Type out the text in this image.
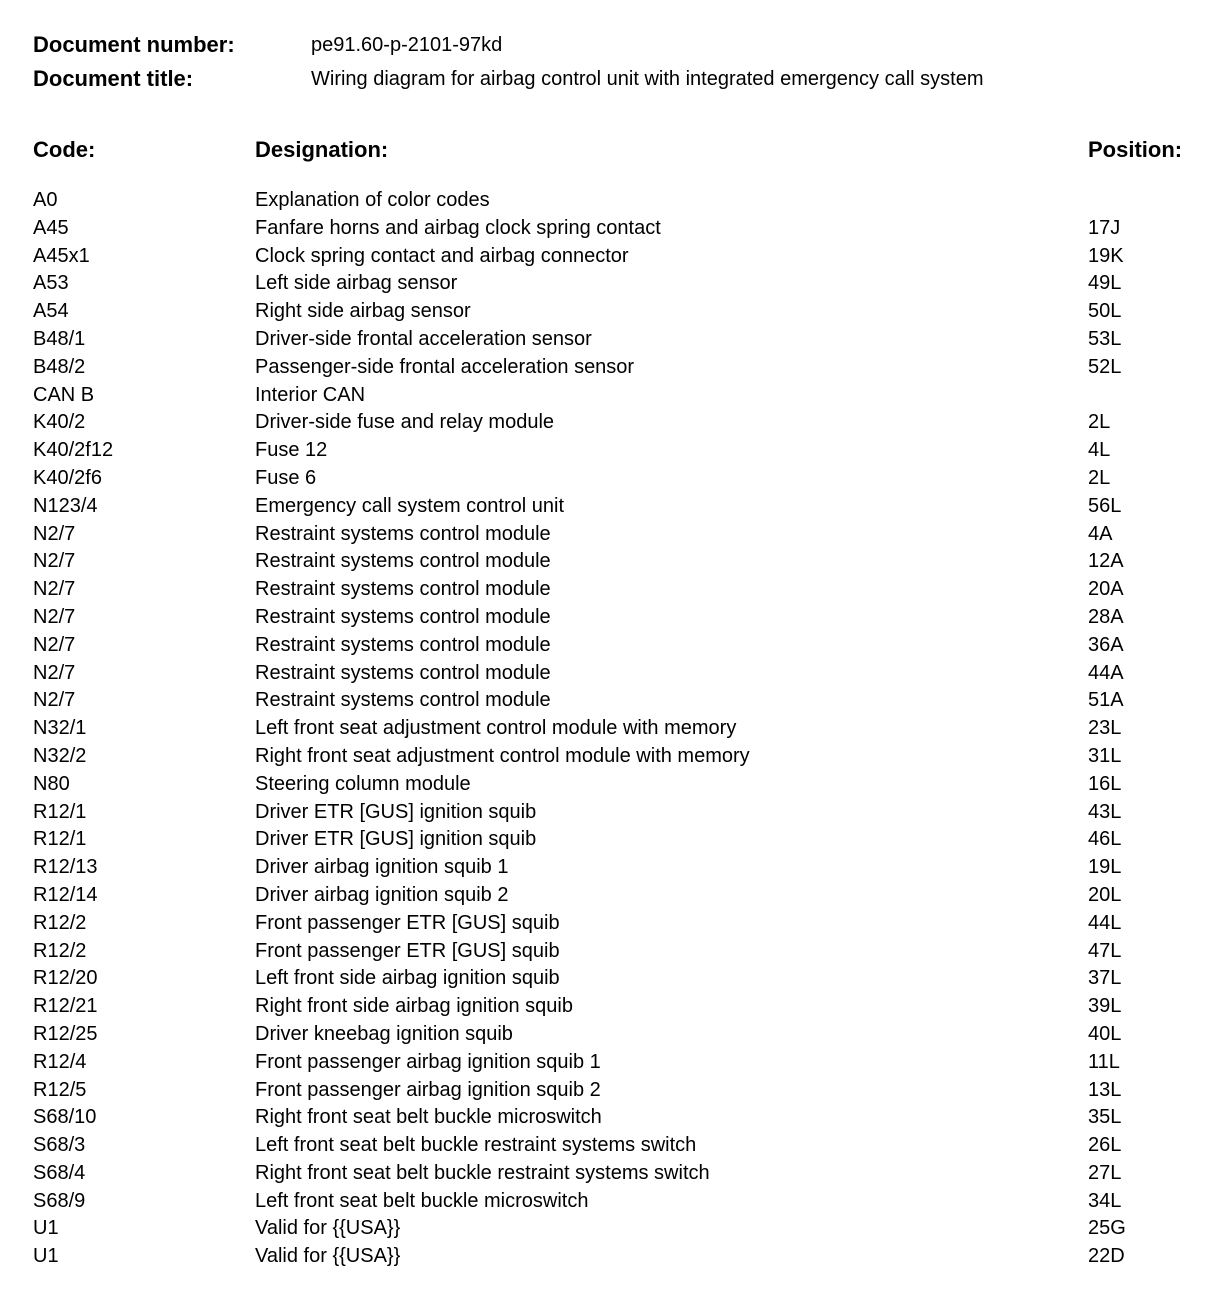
Document number:	pe91.60-p-2101-97kd
Document title:	Wiring diagram for airbag control unit with integrated emergency call system
Code:	Designation:	Position:
A0	Explanation of color codes
A45	Fanfare horns and airbag clock spring contact	17J
A45x1	Clock spring contact and airbag connector	19K
A53	Left side airbag sensor	49L
A54	Right side airbag sensor	50L
B48/1	Driver-side frontal acceleration sensor	53L
B48/2	Passenger-side frontal acceleration sensor	52L
CAN B	Interior CAN
K40/2	Driver-side fuse and relay module	2L
K40/2f12	Fuse 12	4L
K40/2f6	Fuse 6	2L
N123/4	Emergency call system control unit	56L
N2/7	Restraint systems control module	4A
N2/7	Restraint systems control module	12A
N2/7	Restraint systems control module	20A
N2/7	Restraint systems control module	28A
N2/7	Restraint systems control module	36A
N2/7	Restraint systems control module	44A
N2/7	Restraint systems control module	51A
N32/1	Left front seat adjustment control module with memory	23L
N32/2	Right front seat adjustment control module with memory	31L
N80	Steering column module	16L
R12/1	Driver ETR [GUS] ignition squib	43L
R12/1	Driver ETR [GUS] ignition squib	46L
R12/13	Driver airbag ignition squib 1	19L
R12/14	Driver airbag ignition squib 2	20L
R12/2	Front passenger ETR [GUS] squib	44L
R12/2	Front passenger ETR [GUS] squib	47L
R12/20	Left front side airbag ignition squib	37L
R12/21	Right front side airbag ignition squib	39L
R12/25	Driver kneebag ignition squib	40L
R12/4	Front passenger airbag ignition squib 1	11L
R12/5	Front passenger airbag ignition squib 2	13L
S68/10	Right front seat belt buckle microswitch	35L
S68/3	Left front seat belt buckle restraint systems switch	26L
S68/4	Right front seat belt buckle restraint systems switch	27L
S68/9	Left front seat belt buckle microswitch	34L
U1	Valid for {{USA}}	25G
U1	Valid for {{USA}}	22D
